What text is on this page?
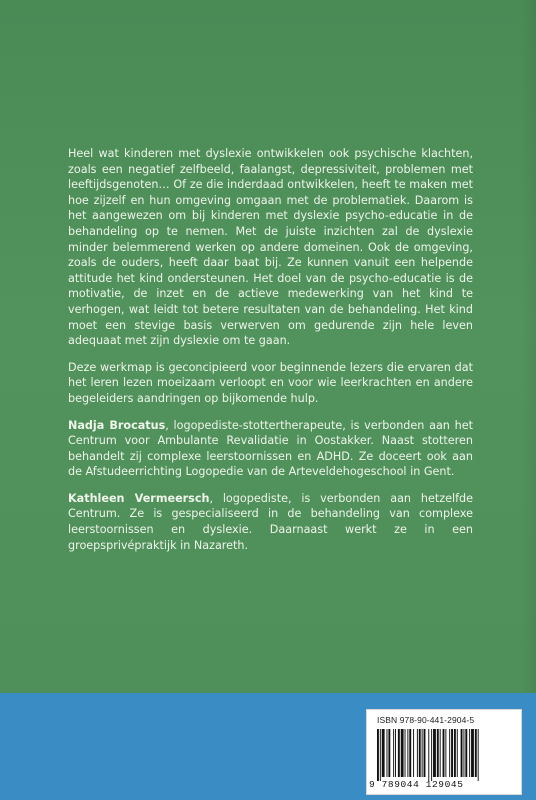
Heel wat kinderen met dyslexie ontwikkelen ook psychische klachten, zoals een negatief zelfbeeld, faalangst, depressiviteit, problemen met leeftijdsgenoten… Of ze die inderdaad ontwikkelen, heeft te maken met hoe zijzelf en hun omgeving omgaan met de problematiek. Daarom is het aangewezen om bij kinderen met dyslexie psycho-educatie in de behandeling op te nemen. Met de juiste inzichten zal de dyslexie minder belemmerend werken op andere domeinen. Ook de omgeving, zoals de ouders, heeft daar baat bij. Ze kunnen vanuit een helpende attitude het kind ondersteunen. Het doel van de psycho-educatie is de motivatie, de inzet en de actieve medewerking van het kind te verhogen, wat leidt tot betere resultaten van de behandeling. Het kind moet een stevige basis verwerven om gedurende zijn hele leven adequaat met zijn dyslexie om te gaan.

Deze werkmap is geconcipieerd voor beginnende lezers die ervaren dat het leren lezen moeizaam verloopt en voor wie leerkrachten en andere begeleiders aandringen op bijkomende hulp.

Nadja Brocatus, logopediste-stottertherapeute, is verbonden aan het Centrum voor Ambulante Revalidatie in Oostakker. Naast stotteren behandelt zij complexe leerstoornissen en ADHD. Ze doceert ook aan de Afstudeerrichting Logopedie van de Arteveldehogeschool in Gent.

Kathleen Vermeersch, logopediste, is verbonden aan hetzelfde Centrum. Ze is gespecialiseerd in de behandeling van complexe leerstoornissen en dyslexie. Daarnaast werkt ze in een groepsprivépraktijk in Nazareth.

ISBN 978-90-441-2904-5
9 789044 129045
